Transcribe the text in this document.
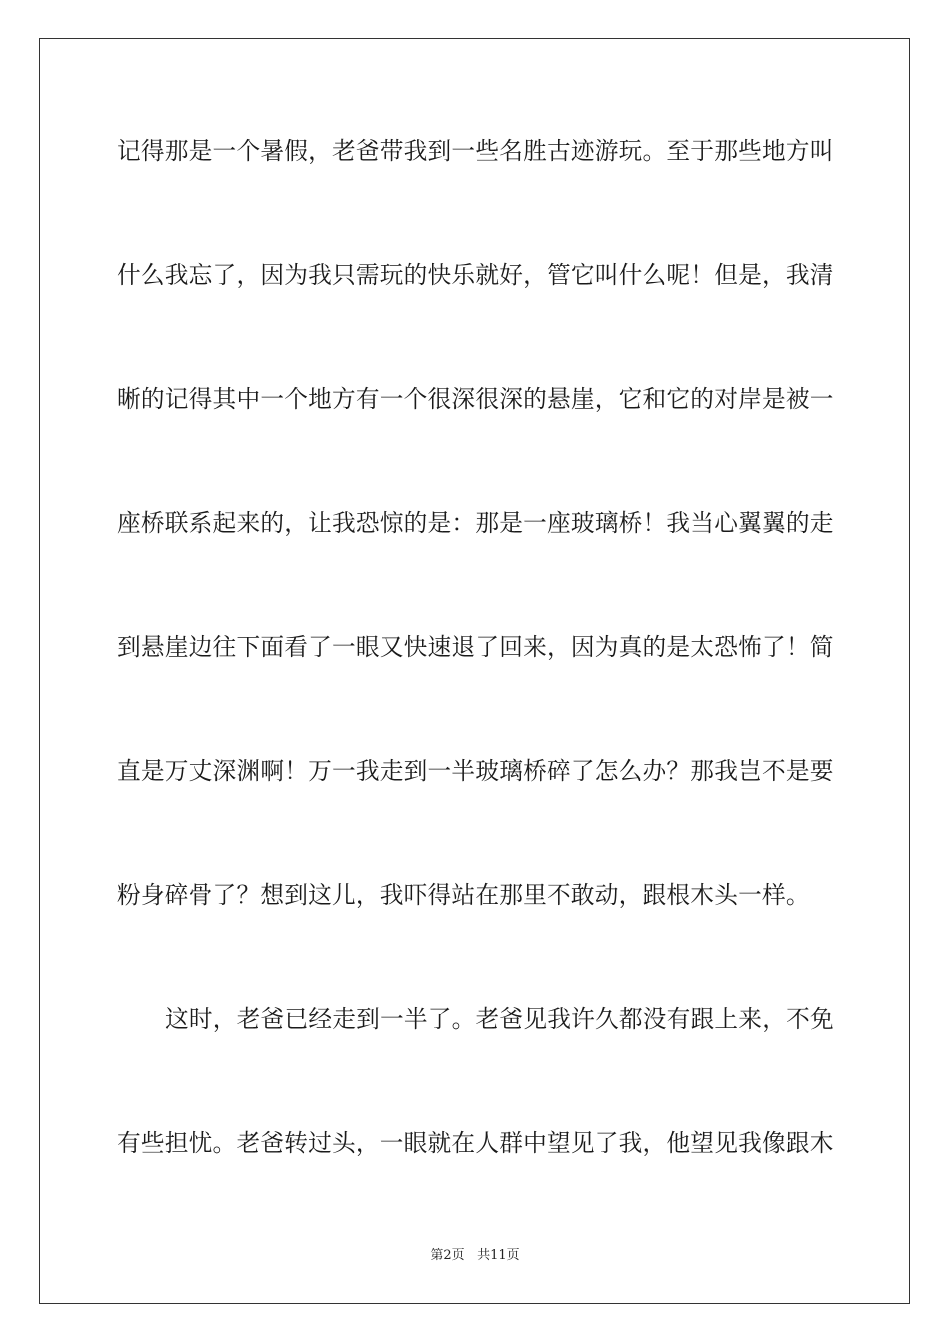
记得那是一个暑假，老爸带我到一些名胜古迹游玩。至于那些地方叫
什么我忘了，因为我只需玩的快乐就好，管它叫什么呢！但是，我清
晰的记得其中一个地方有一个很深很深的悬崖，它和它的对岸是被一
座桥联系起来的，让我恐惊的是：那是一座玻璃桥！我当心翼翼的走
到悬崖边往下面看了一眼又快速退了回来，因为真的是太恐怖了！简
直是万丈深渊啊！万一我走到一半玻璃桥碎了怎么办？那我岂不是要
粉身碎骨了？想到这儿，我吓得站在那里不敢动，跟根木头一样。
这时，老爸已经走到一半了。老爸见我许久都没有跟上来，不免
有些担忧。老爸转过头，一眼就在人群中望见了我，他望见我像跟木
第2页 共11页
